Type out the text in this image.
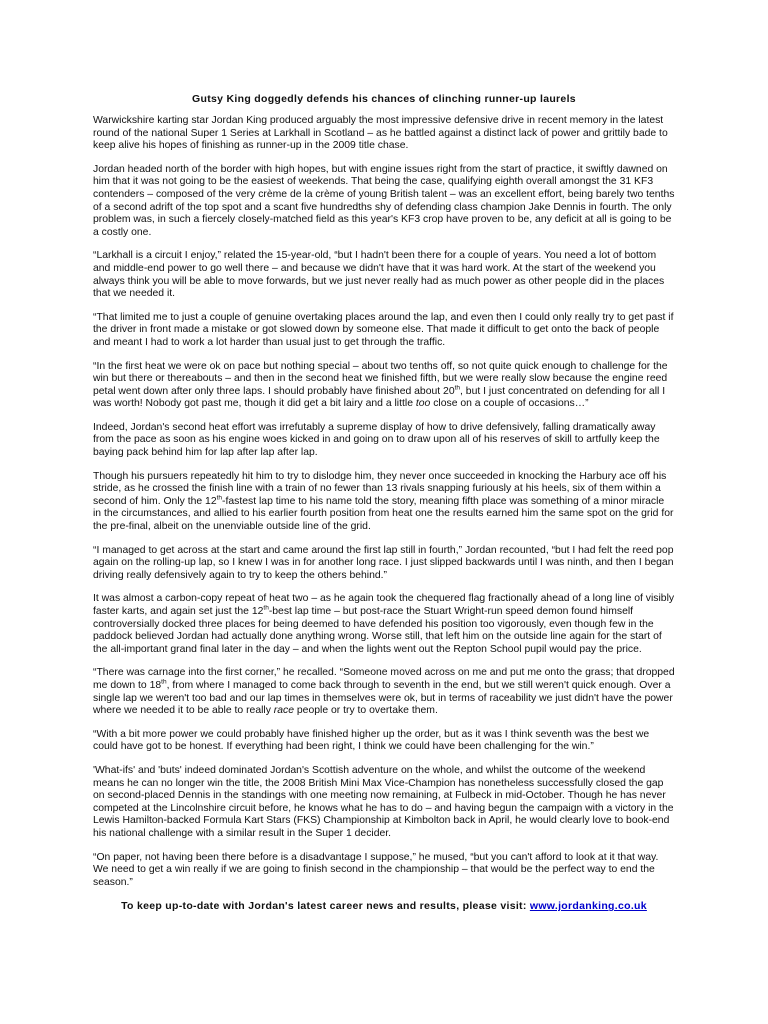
Gutsy King doggedly defends his chances of clinching runner-up laurels

Warwickshire karting star Jordan King produced arguably the most impressive defensive drive in recent memory in the latest round of the national Super 1 Series at Larkhall in Scotland – as he battled against a distinct lack of power and grittily bade to keep alive his hopes of finishing as runner-up in the 2009 title chase.

Jordan headed north of the border with high hopes, but with engine issues right from the start of practice, it swiftly dawned on him that it was not going to be the easiest of weekends. That being the case, qualifying eighth overall amongst the 31 KF3 contenders – composed of the very crème de la crème of young British talent – was an excellent effort, being barely two tenths of a second adrift of the top spot and a scant five hundredths shy of defending class champion Jake Dennis in fourth. The only problem was, in such a fiercely closely-matched field as this year's KF3 crop have proven to be, any deficit at all is going to be a costly one.

“Larkhall is a circuit I enjoy,” related the 15-year-old, “but I hadn't been there for a couple of years. You need a lot of bottom and middle-end power to go well there – and because we didn't have that it was hard work. At the start of the weekend you always think you will be able to move forwards, but we just never really had as much power as other people did in the places that we needed it.

“That limited me to just a couple of genuine overtaking places around the lap, and even then I could only really try to get past if the driver in front made a mistake or got slowed down by someone else. That made it difficult to get onto the back of people and meant I had to work a lot harder than usual just to get through the traffic.

“In the first heat we were ok on pace but nothing special – about two tenths off, so not quite quick enough to challenge for the win but there or thereabouts – and then in the second heat we finished fifth, but we were really slow because the engine reed petal went down after only three laps. I should probably have finished about 20th, but I just concentrated on defending for all I was worth! Nobody got past me, though it did get a bit lairy and a little too close on a couple of occasions…”

Indeed, Jordan's second heat effort was irrefutably a supreme display of how to drive defensively, falling dramatically away from the pace as soon as his engine woes kicked in and going on to draw upon all of his reserves of skill to artfully keep the baying pack behind him for lap after lap after lap.

Though his pursuers repeatedly hit him to try to dislodge him, they never once succeeded in knocking the Harbury ace off his stride, as he crossed the finish line with a train of no fewer than 13 rivals snapping furiously at his heels, six of them within a second of him. Only the 12th-fastest lap time to his name told the story, meaning fifth place was something of a minor miracle in the circumstances, and allied to his earlier fourth position from heat one the results earned him the same spot on the grid for the pre-final, albeit on the unenviable outside line of the grid.

“I managed to get across at the start and came around the first lap still in fourth,” Jordan recounted, “but I had felt the reed pop again on the rolling-up lap, so I knew I was in for another long race. I just slipped backwards until I was ninth, and then I began driving really defensively again to try to keep the others behind.”

It was almost a carbon-copy repeat of heat two – as he again took the chequered flag fractionally ahead of a long line of visibly faster karts, and again set just the 12th-best lap time – but post-race the Stuart Wright-run speed demon found himself controversially docked three places for being deemed to have defended his position too vigorously, even though few in the paddock believed Jordan had actually done anything wrong. Worse still, that left him on the outside line again for the start of the all-important grand final later in the day – and when the lights went out the Repton School pupil would pay the price.

“There was carnage into the first corner,” he recalled. “Someone moved across on me and put me onto the grass; that dropped me down to 18th, from where I managed to come back through to seventh in the end, but we still weren't quick enough. Over a single lap we weren't too bad and our lap times in themselves were ok, but in terms of raceability we just didn't have the power where we needed it to be able to really race people or try to overtake them.

“With a bit more power we could probably have finished higher up the order, but as it was I think seventh was the best we could have got to be honest. If everything had been right, I think we could have been challenging for the win.”

'What-ifs' and 'buts' indeed dominated Jordan's Scottish adventure on the whole, and whilst the outcome of the weekend means he can no longer win the title, the 2008 British Mini Max Vice-Champion has nonetheless successfully closed the gap on second-placed Dennis in the standings with one meeting now remaining, at Fulbeck in mid-October. Though he has never competed at the Lincolnshire circuit before, he knows what he has to do – and having begun the campaign with a victory in the Lewis Hamilton-backed Formula Kart Stars (FKS) Championship at Kimbolton back in April, he would clearly love to book-end his national challenge with a similar result in the Super 1 decider.

“On paper, not having been there before is a disadvantage I suppose,” he mused, “but you can't afford to look at it that way. We need to get a win really if we are going to finish second in the championship – that would be the perfect way to end the season.”

To keep up-to-date with Jordan's latest career news and results, please visit: www.jordanking.co.uk
